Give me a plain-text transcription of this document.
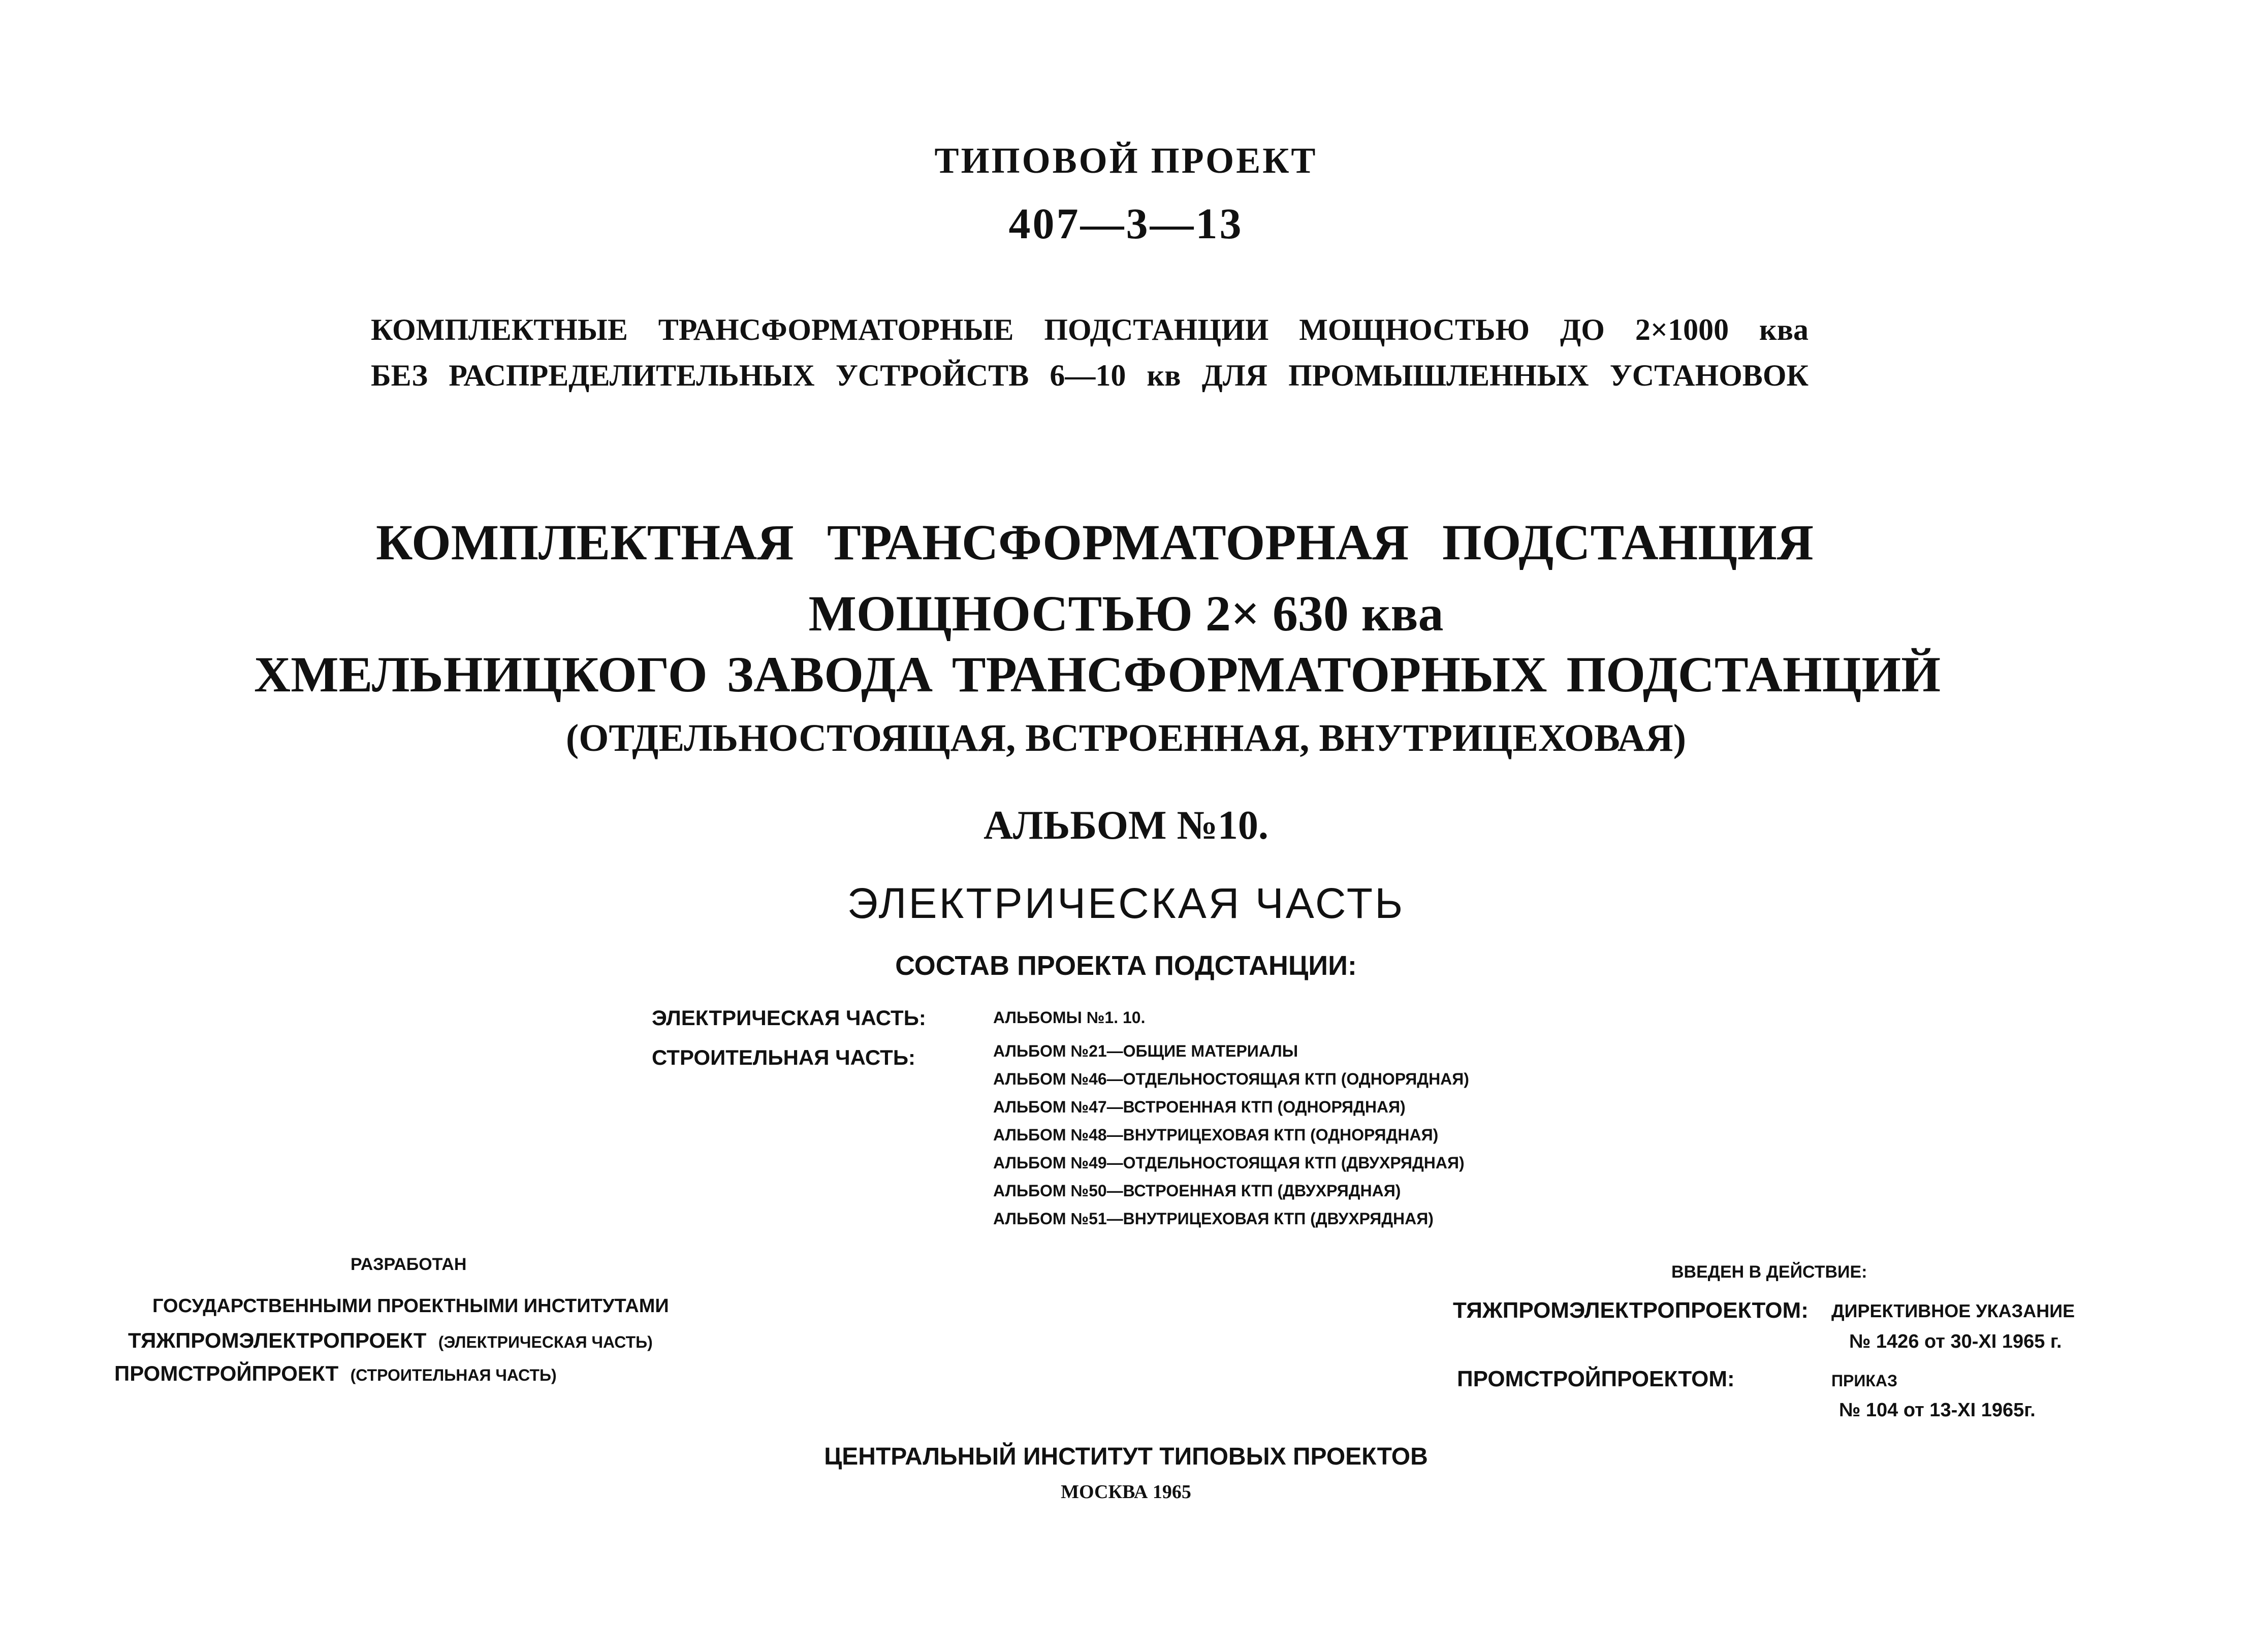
ТИПОВОЙ ПРОЕКТ
407—3—13
КОМПЛЕКТНЫЕ ТРАНСФОРМАТОРНЫЕ ПОДСТАНЦИИ МОЩНОСТЬЮ ДО 2×1000 ква
БЕЗ РАСПРЕДЕЛИТЕЛЬНЫХ УСТРОЙСТВ 6—10 кв ДЛЯ ПРОМЫШЛЕННЫХ УСТАНОВОК
КОМПЛЕКТНАЯ ТРАНСФОРМАТОРНАЯ ПОДСТАНЦИЯ
МОЩНОСТЬЮ 2× 630 ква
ХМЕЛЬНИЦКОГО ЗАВОДА ТРАНСФОРМАТОРНЫХ ПОДСТАНЦИЙ
(ОТДЕЛЬНОСТОЯЩАЯ, ВСТРОЕННАЯ, ВНУТРИЦЕХОВАЯ)
АЛЬБОМ №10.
ЭЛЕКТРИЧЕСКАЯ ЧАСТЬ
СОСТАВ ПРОЕКТА ПОДСТАНЦИИ:
ЭЛЕКТРИЧЕСКАЯ ЧАСТЬ:
СТРОИТЕЛЬНАЯ ЧАСТЬ:
АЛЬБОМЫ №1. 10.
АЛЬБОМ №21—ОБЩИЕ МАТЕРИАЛЫ
АЛЬБОМ №46—ОТДЕЛЬНОСТОЯЩАЯ КТП (ОДНОРЯДНАЯ)
АЛЬБОМ №47—ВСТРОЕННАЯ КТП (ОДНОРЯДНАЯ)
АЛЬБОМ №48—ВНУТРИЦЕХОВАЯ КТП (ОДНОРЯДНАЯ)
АЛЬБОМ №49—ОТДЕЛЬНОСТОЯЩАЯ КТП (ДВУХРЯДНАЯ)
АЛЬБОМ №50—ВСТРОЕННАЯ КТП (ДВУХРЯДНАЯ)
АЛЬБОМ №51—ВНУТРИЦЕХОВАЯ КТП (ДВУХРЯДНАЯ)
РАЗРАБОТАН
ГОСУДАРСТВЕННЫМИ ПРОЕКТНЫМИ ИНСТИТУТАМИ
ТЯЖПРОМЭЛЕКТРОПРОЕКТ (ЭЛЕКТРИЧЕСКАЯ ЧАСТЬ)
ПРОМСТРОЙПРОЕКТ (СТРОИТЕЛЬНАЯ ЧАСТЬ)
ВВЕДЕН В ДЕЙСТВИЕ:
ТЯЖПРОМЭЛЕКТРОПРОЕКТОМ: ДИРЕКТИВНОЕ УКАЗАНИЕ
№ 1426 от 30-XI 1965 г.
ПРОМСТРОЙПРОЕКТОМ:	ПРИКАЗ
№ 104 от 13-XI 1965г.
ЦЕНТРАЛЬНЫЙ ИНСТИТУТ ТИПОВЫХ ПРОЕКТОВ
МОСКВА 1965
